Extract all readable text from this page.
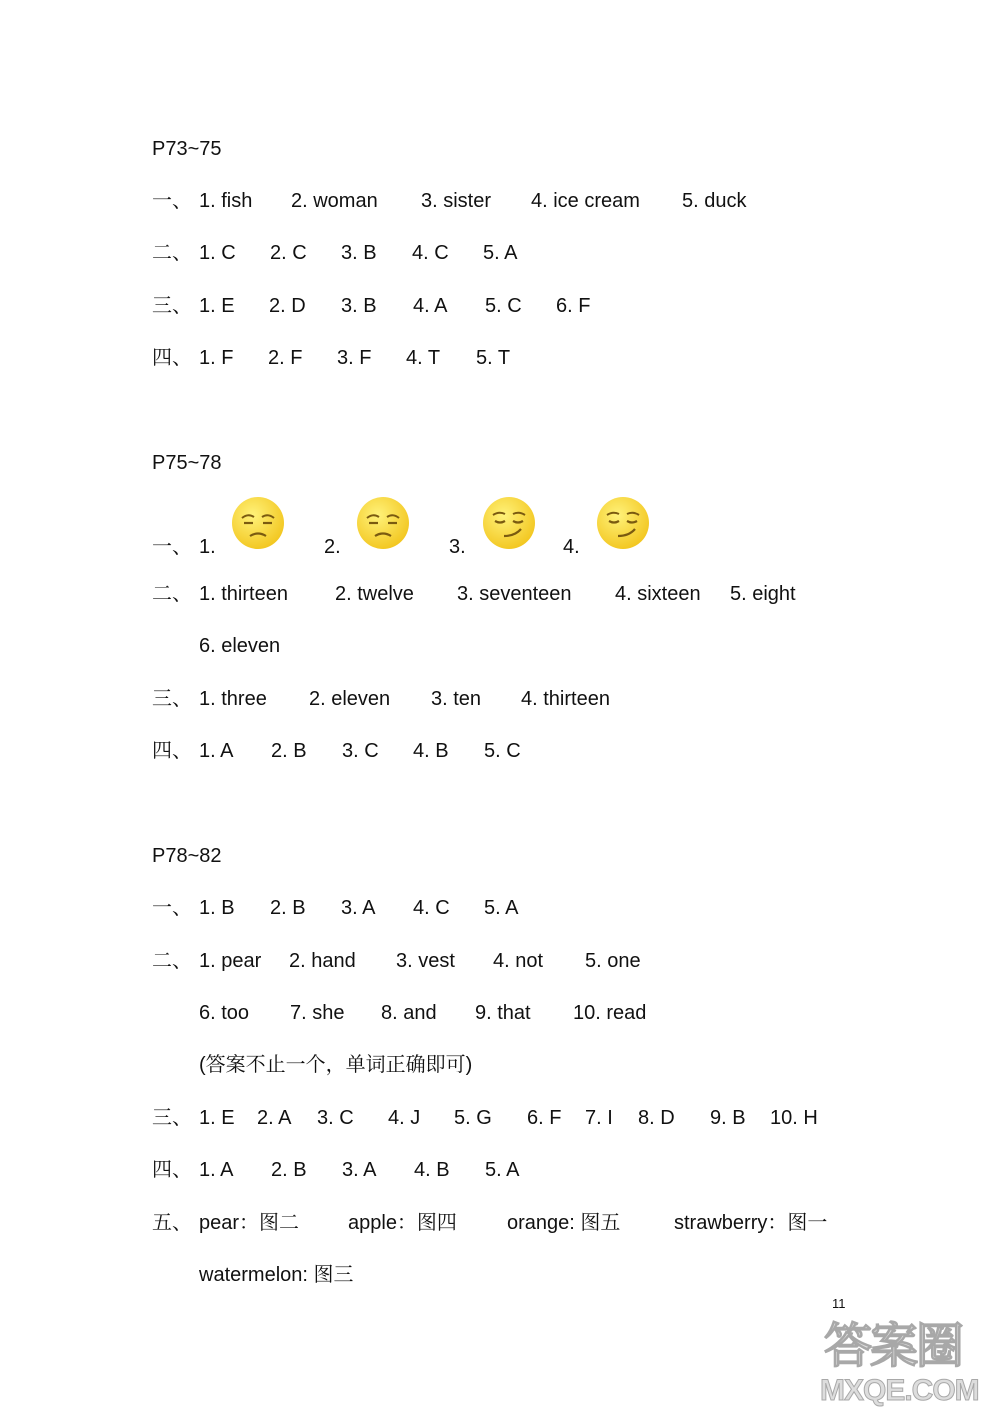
P73~75
一、 1. fish 2. woman 3. sister 4. ice cream 5. duck
二、 1. C 2. C 3. B 4. C 5. A
三、 1. E 2. D 3. B 4. A 5. C 6. F
四、 1. F 2. F 3. F 4. T 5. T
P75~78
一、 1.	2.	3.	4.
二、 1. thirteen 2. twelve 3. seventeen 4. sixteen 5. eight
6. eleven
三、 1. three 2. eleven 3. ten 4. thirteen
四、 1. A 2. B 3. C 4. B 5. C
P78~82
一、 1. B 2. B 3. A 4. C 5. A
二、 1. pear 2. hand 3. vest 4. not 5. one
6. too 7. she 8. and 9. that 10. read
(答案不止一个，单词正确即可)
三、 1. E 2. A 3. C 4. J 5. G 6. F 7. I 8. D 9. B 10. H
四、 1. A 2. B 3. A 4. B 5. A
五、 pear：图二 apple：图四	orange: 图五	strawberry：图一
watermelon: 图三
11
答案圈
MXQE.COM
